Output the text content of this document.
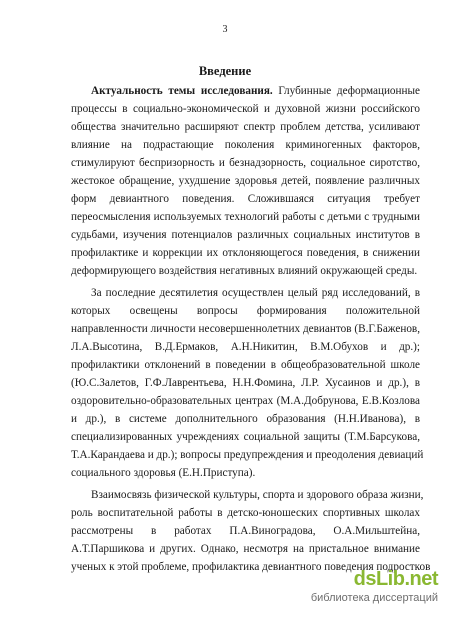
3
Введение
Актуальность темы исследования. Глубинные деформационные
процессы в социально-экономической и духовной жизни российского
общества значительно расширяют спектр проблем детства, усиливают
влияние на подрастающие поколения криминогенных факторов,
стимулируют беспризорность и безнадзорность, социальное сиротство,
жестокое обращение, ухудшение здоровья детей, появление различных
форм девиантного поведения. Сложившаяся ситуация требует
переосмысления используемых технологий работы с детьми с трудными
судьбами, изучения потенциалов различных социальных институтов в
профилактике и коррекции их отклоняющегося поведения, в снижении
деформирующего воздействия негативных влияний окружающей среды.
За последние десятилетия осуществлен целый ряд исследований, в
которых освещены вопросы формирования положительной
направленности личности несовершеннолетних девиантов (В.Г.Баженов,
Л.А.Высотина, В.Д.Ермаков, А.Н.Никитин, В.М.Обухов и др.);
профилактики отклонений в поведении в общеобразовательной школе
(Ю.С.Залетов, Г.Ф.Лаврентьева, Н.Н.Фомина, Л.Р. Хусаинов и др.), в
оздоровительно-образовательных центрах (М.А.Добрунова, Е.В.Козлова
и др.), в системе дополнительного образования (Н.Н.Иванова), в
специализированных учреждениях социальной защиты (Т.М.Барсукова,
Т.А.Карандаева и др.); вопросы предупреждения и преодоления девиаций
социального здоровья (Е.Н.Приступа).
Взаимосвязь физической культуры, спорта и здорового образа жизни,
роль воспитательной работы в детско-юношеских спортивных школах
рассмотрены в работах П.А.Виноградова, О.А.Мильштейна,
А.Т.Паршикова и других. Однако, несмотря на пристальное внимание
ученых к этой проблеме, профилактика девиантного поведения подростков
dsLib.net
библиотека диссертаций
